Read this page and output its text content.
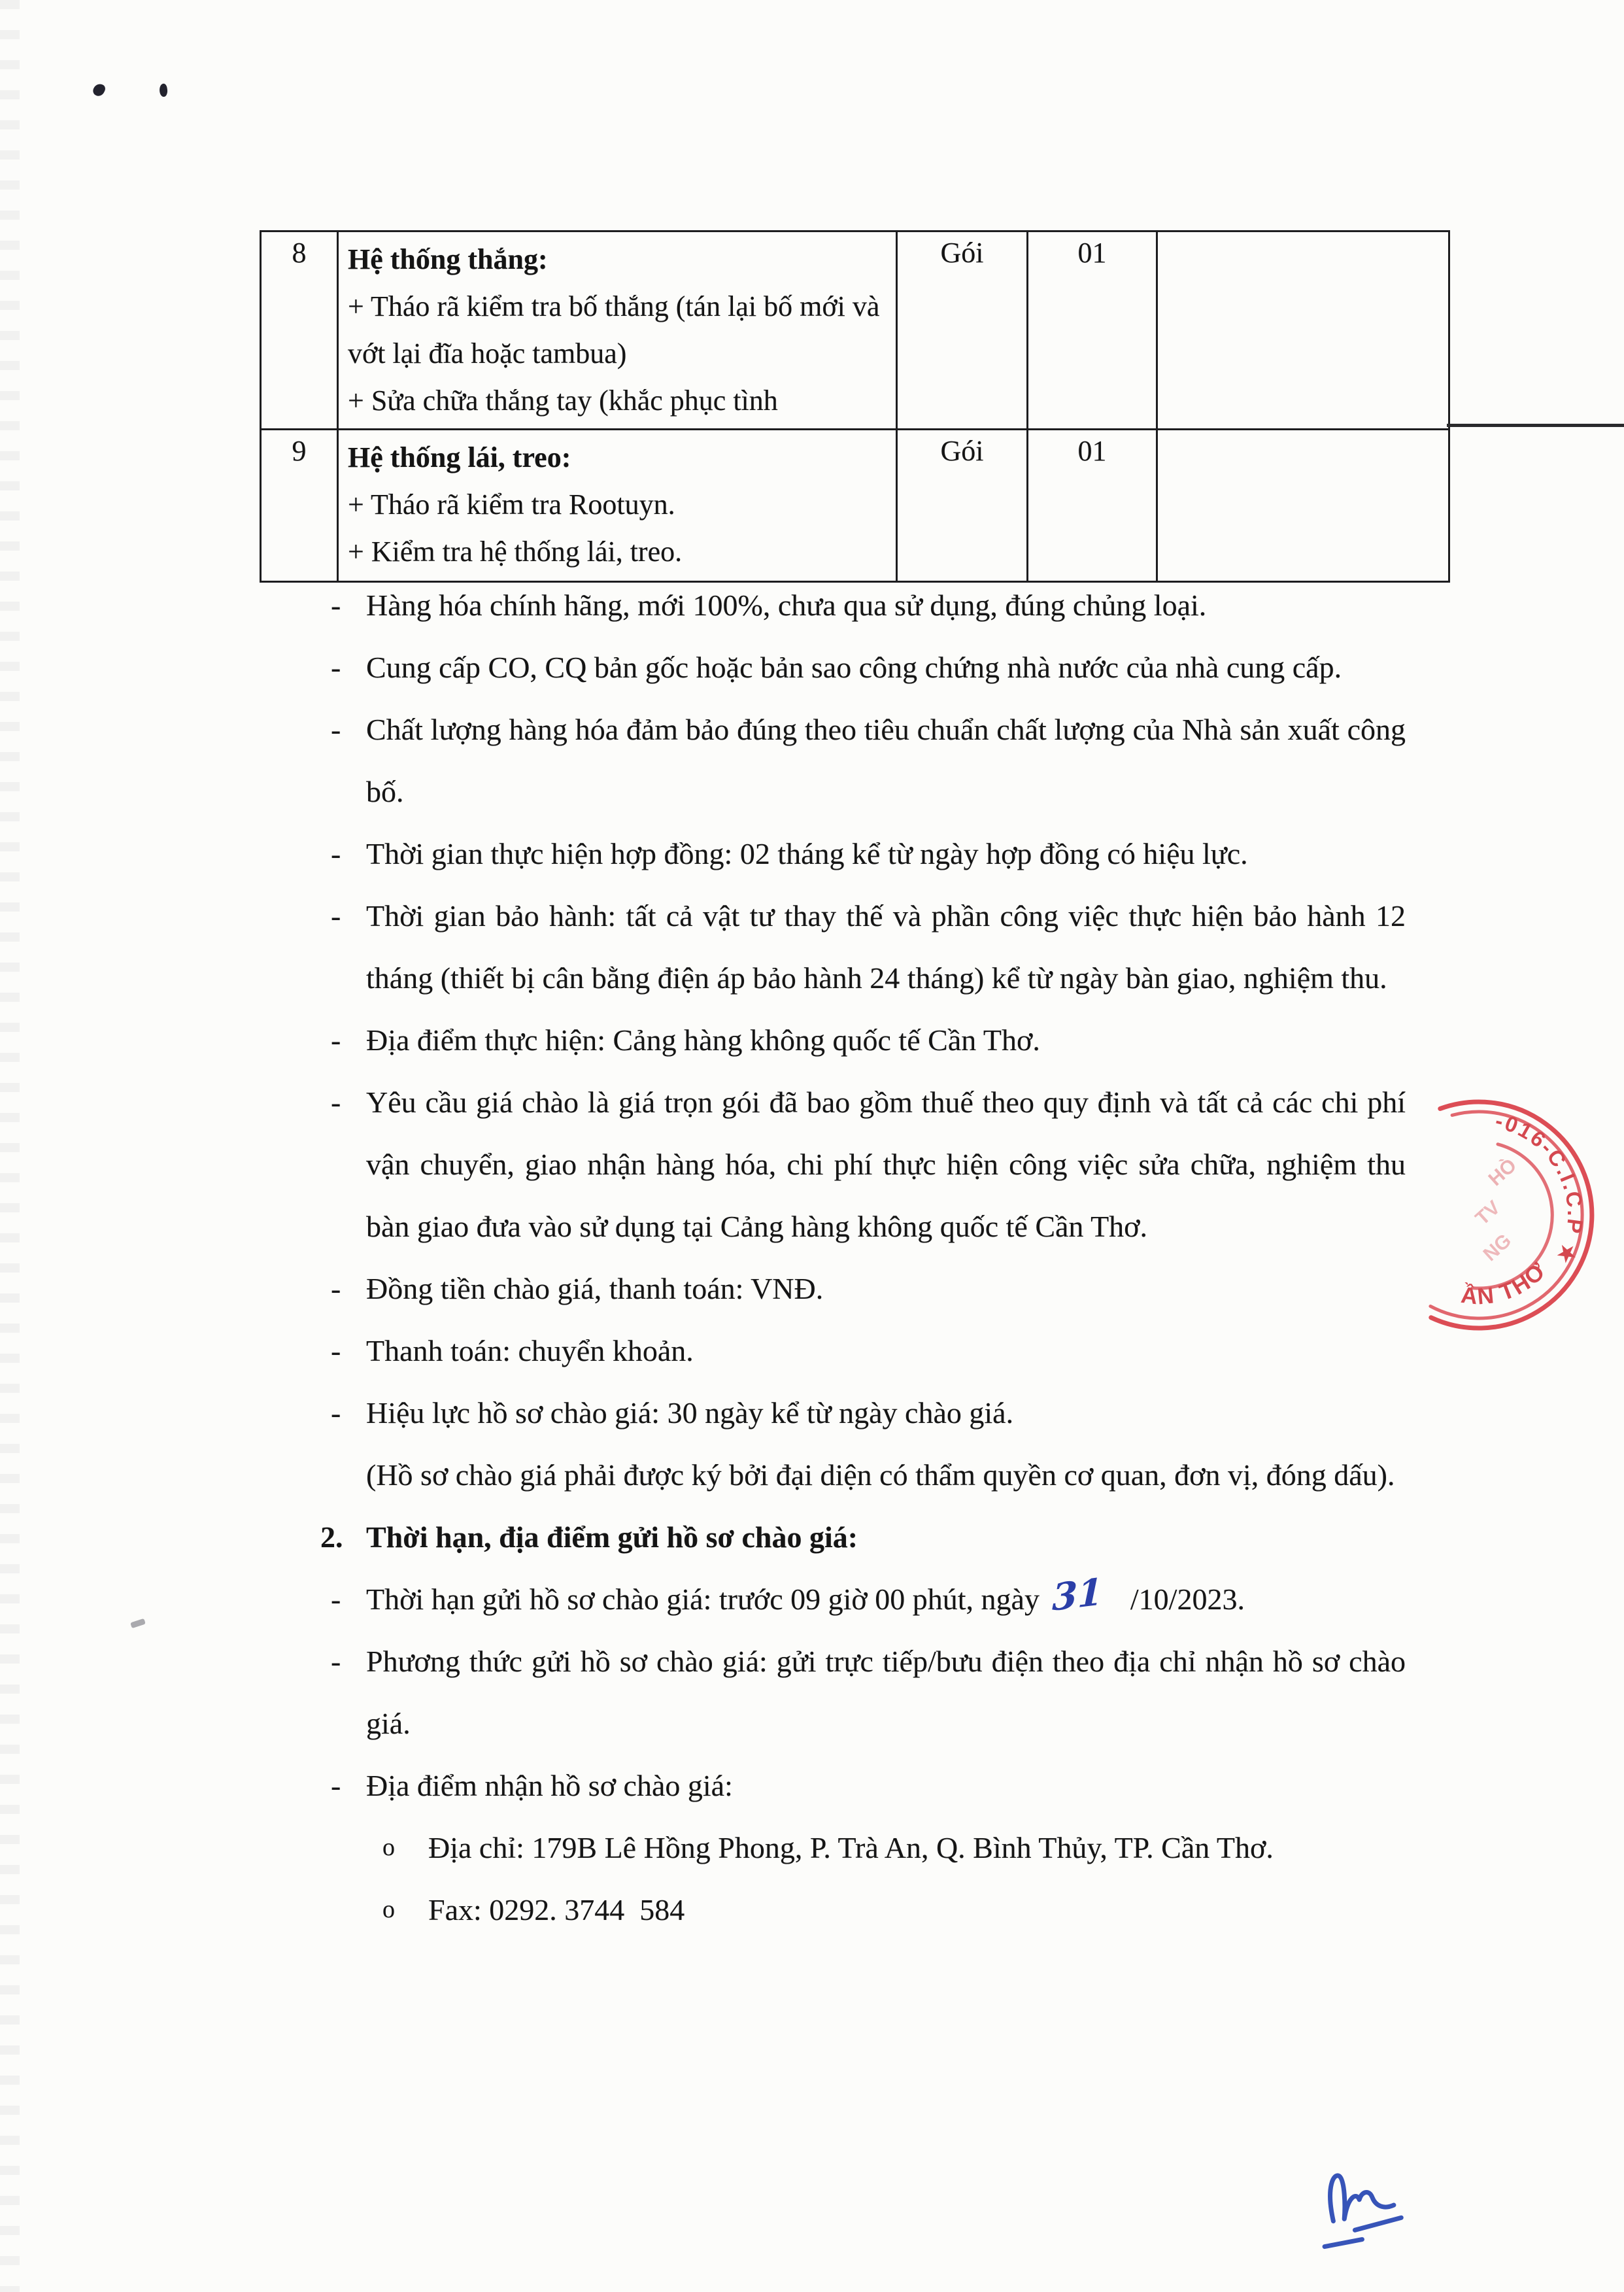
8	Hệ thống thắng:
+ Tháo rã kiểm tra bố thắng (tán lại bố mới và vớt lại đĩa hoặc tambua)
+ Sửa chữa thắng tay (khắc phục tình	Gói	01	
9	Hệ thống lái, treo:
+ Tháo rã kiểm tra Rootuyn.
+ Kiểm tra hệ thống lái, treo.	Gói	01	
- Hàng hóa chính hãng, mới 100%, chưa qua sử dụng, đúng chủng loại.
- Cung cấp CO, CQ bản gốc hoặc bản sao công chứng nhà nước của nhà cung cấp.
- Chất lượng hàng hóa đảm bảo đúng theo tiêu chuẩn chất lượng của Nhà sản xuất công bố.
- Thời gian thực hiện hợp đồng: 02 tháng kể từ ngày hợp đồng có hiệu lực.
- Thời gian bảo hành: tất cả vật tư thay thế và phần công việc thực hiện bảo hành 12 tháng (thiết bị cân bằng điện áp bảo hành 24 tháng) kể từ ngày bàn giao, nghiệm thu.
- Địa điểm thực hiện: Cảng hàng không quốc tế Cần Thơ.
- Yêu cầu giá chào là giá trọn gói đã bao gồm thuế theo quy định và tất cả các chi phí vận chuyển, giao nhận hàng hóa, chi phí thực hiện công việc sửa chữa, nghiệm thu bàn giao đưa vào sử dụng tại Cảng hàng không quốc tế Cần Thơ.
- Đồng tiền chào giá, thanh toán: VNĐ.
- Thanh toán: chuyển khoản.
- Hiệu lực hồ sơ chào giá: 30 ngày kể từ ngày chào giá.
(Hồ sơ chào giá phải được ký bởi đại diện có thẩm quyền cơ quan, đơn vị, đóng dấu).
2. Thời hạn, địa điểm gửi hồ sơ chào giá:
- Thời hạn gửi hồ sơ chào giá: trước 09 giờ 00 phút, ngày 31 /10/2023.
- Phương thức gửi hồ sơ chào giá: gửi trực tiếp/bưu điện theo địa chỉ nhận hồ sơ chào giá.
- Địa điểm nhận hồ sơ chào giá:
o Địa chỉ: 179B Lê Hồng Phong, P. Trà An, Q. Bình Thủy, TP. Cần Thơ.
o Fax: 0292. 3744  584
-016-C.I.C.P ★
ẦN THƠ
HÒ
TV
NG
